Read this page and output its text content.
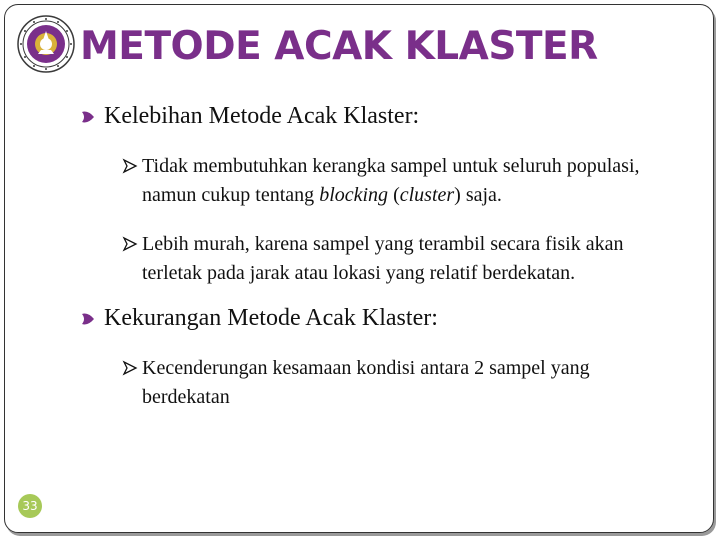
METODE ACAK KLASTER

Kelebihan Metode Acak Klaster:

Tidak membutuhkan kerangka sampel untuk seluruh populasi, namun cukup tentang blocking (cluster) saja.

Lebih murah, karena sampel yang terambil secara fisik akan terletak pada jarak atau lokasi yang relatif berdekatan.

Kekurangan Metode Acak Klaster:

Kecenderungan kesamaan kondisi antara 2 sampel yang berdekatan

33
